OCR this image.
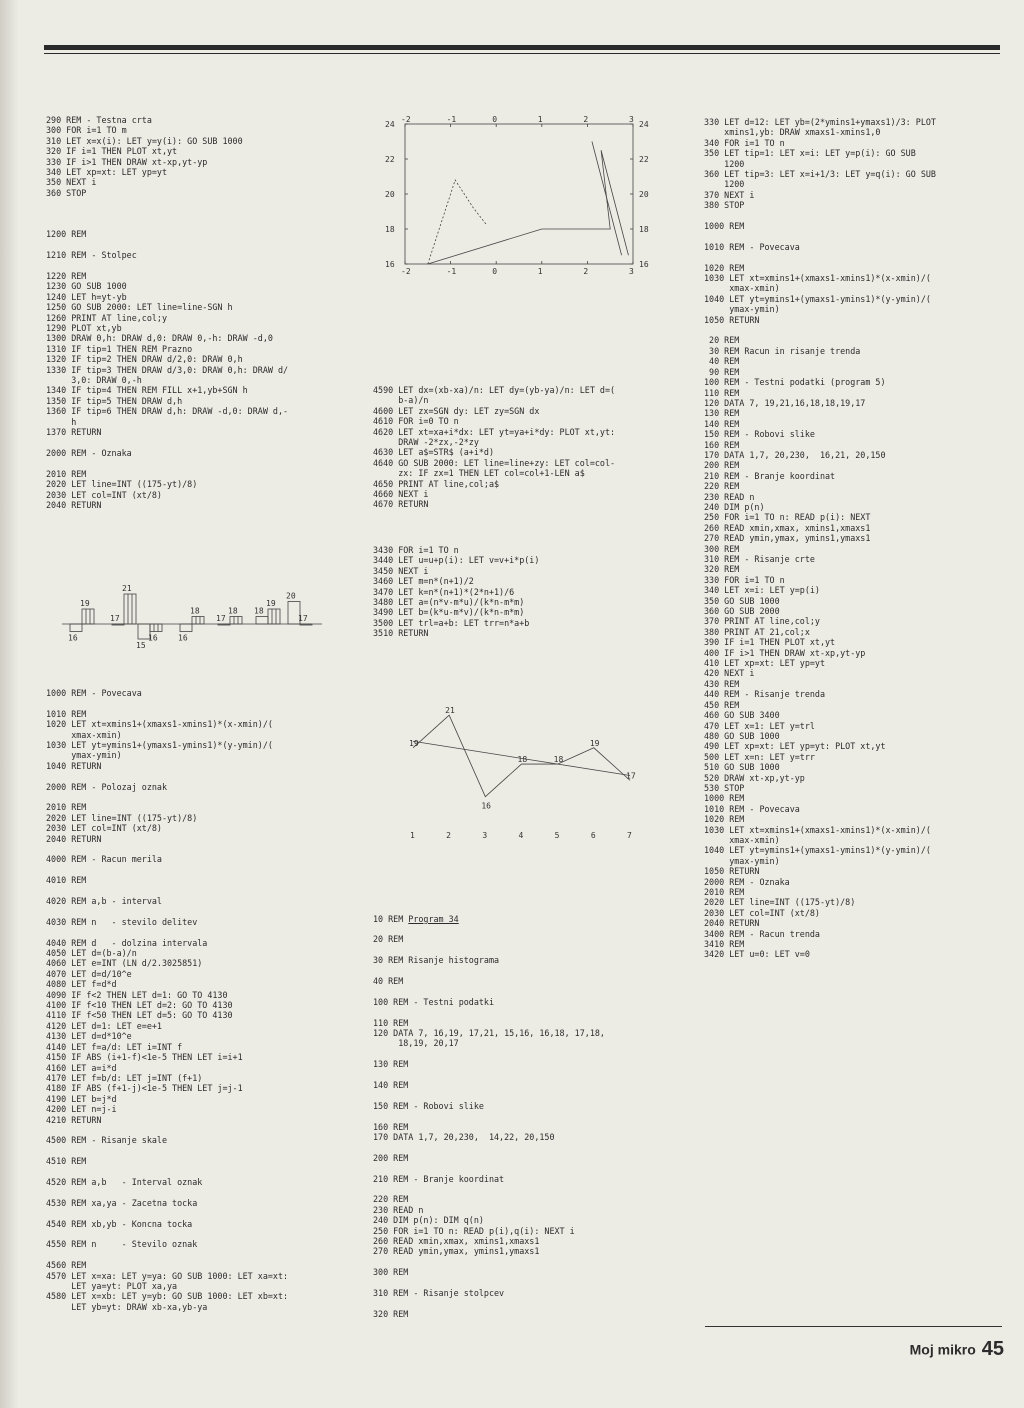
290 REM - Testna crta
300 FOR i=1 TO m
310 LET x=x(i): LET y=y(i): GO SUB 1000
320 IF i=1 THEN PLOT xt,yt
330 IF i>1 THEN DRAW xt-xp,yt-yp
340 LET xp=xt: LET yp=yt
350 NEXT i
360 STOP
1200 REM
1210 REM - Stolpec
1220 REM
1230 GO SUB 1000
1240 LET h=yt-yb
1250 GO SUB 2000: LET line=line-SGN h
1260 PRINT AT line,col;y
1290 PLOT xt,yb
1300 DRAW 0,h: DRAW d,0: DRAW 0,-h: DRAW -d,0
1310 IF tip=1 THEN REM Prazno
1320 IF tip=2 THEN DRAW d/2,0: DRAW 0,h
1330 IF tip=3 THEN DRAW d/3,0: DRAW 0,h: DRAW d/
3,0: DRAW 0,-h
1340 IF tip=4 THEN REM FILL x+1,yb+SGN h
1350 IF tip=5 THEN DRAW d,h
1360 IF tip=6 THEN DRAW d,h: DRAW -d,0: DRAW d,-
h
1370 RETURN
2000 REM - Oznaka
2010 REM
2020 LET line=INT ((175-yt)/8)
2030 LET col=INT (xt/8)
2040 RETURN
16
19
17
21
15
16	16
18
17
18 18
19
20
17
1000 REM - Povecava
1010 REM
1020 LET xt=xmins1+(xmaxs1-xmins1)*(x-xmin)/(
xmax-xmin)
1030 LET yt=ymins1+(ymaxs1-ymins1)*(y-ymin)/(
ymax-ymin)
1040 RETURN
2000 REM - Polozaj oznak
2010 REM
2020 LET line=INT ((175-yt)/8)
2030 LET col=INT (xt/8)
2040 RETURN
4000 REM - Racun merila
4010 REM
4020 REM a,b - interval
4030 REM n   - stevilo delitev
4040 REM d   - dolzina intervala
4050 LET d=(b-a)/n
4060 LET e=INT (LN d/2.3025851)
4070 LET d=d/10^e
4080 LET f=d*d
4090 IF f<2 THEN LET d=1: GO TO 4130
4100 IF f<10 THEN LET d=2: GO TO 4130
4110 IF f<50 THEN LET d=5: GO TO 4130
4120 LET d=1: LET e=e+1
4130 LET d=d*10^e
4140 LET f=a/d: LET i=INT f
4150 IF ABS (i+1-f)<1e-5 THEN LET i=i+1
4160 LET a=i*d
4170 LET f=b/d: LET j=INT (f+1)
4180 IF ABS (f+1-j)<1e-5 THEN LET j=j-1
4190 LET b=j*d
4200 LET n=j-i
4210 RETURN
4500 REM - Risanje skale
4510 REM
4520 REM a,b   - Interval oznak
4530 REM xa,ya - Zacetna tocka
4540 REM xb,yb - Koncna tocka
4550 REM n     - Stevilo oznak
4560 REM
4570 LET x=xa: LET y=ya: GO SUB 1000: LET xa=xt:
LET ya=yt: PLOT xa,ya
4580 LET x=xb: LET y=yb: GO SUB 1000: LET xb=xt:
LET yb=yt: DRAW xb-xa,yb-ya
-2
-2
-1
-1
0
0
1
1
2
2
3
3
16	16
18	18
20	20
22	22
24	24
4590 LET dx=(xb-xa)/n: LET dy=(yb-ya)/n: LET d=(
b-a)/n
4600 LET zx=SGN dy: LET zy=SGN dx
4610 FOR i=0 TO n
4620 LET xt=xa+i*dx: LET yt=ya+i*dy: PLOT xt,yt:
DRAW -2*zx,-2*zy
4630 LET a$=STR$ (a+i*d)
4640 GO SUB 2000: LET line=line+zy: LET col=col-
zx: IF zx=1 THEN LET col=col+1-LEN a$
4650 PRINT AT line,col;a$
4660 NEXT i
4670 RETURN
3430 FOR i=1 TO n
3440 LET u=u+p(i): LET v=v+i*p(i)
3450 NEXT i
3460 LET m=n*(n+1)/2
3470 LET k=n*(n+1)*(2*n+1)/6
3480 LET a=(n*v-m*u)/(k*n-m*m)
3490 LET b=(k*u-m*v)/(k*n-m*m)
3500 LET trl=a+b: LET trr=n*a+b
3510 RETURN
19
21
16
18	18
19
17
1	2	3	4	5	6	7
10 REM Program 34
20 REM
30 REM Risanje histograma
40 REM
100 REM - Testni podatki
110 REM
120 DATA 7, 16,19, 17,21, 15,16, 16,18, 17,18,
18,19, 20,17
130 REM
140 REM
150 REM - Robovi slike
160 REM
170 DATA 1,7, 20,230,  14,22, 20,150
200 REM
210 REM - Branje koordinat
220 REM
230 READ n
240 DIM p(n): DIM q(n)
250 FOR i=1 TO n: READ p(i),q(i): NEXT i
260 READ xmin,xmax, xmins1,xmaxs1
270 READ ymin,ymax, ymins1,ymaxs1
300 REM
310 REM - Risanje stolpcev
320 REM
330 LET d=12: LET yb=(2*ymins1+ymaxs1)/3: PLOT
xmins1,yb: DRAW xmaxs1-xmins1,0
340 FOR i=1 TO n
350 LET tip=1: LET x=i: LET y=p(i): GO SUB
1200
360 LET tip=3: LET x=i+1/3: LET y=q(i): GO SUB
1200
370 NEXT i
380 STOP
1000 REM
1010 REM - Povecava
1020 REM
1030 LET xt=xmins1+(xmaxs1-xmins1)*(x-xmin)/(
xmax-xmin)
1040 LET yt=ymins1+(ymaxs1-ymins1)*(y-ymin)/(
ymax-ymin)
1050 RETURN
20 REM
30 REM Racun in risanje trenda
40 REM
90 REM
100 REM - Testni podatki (program 5)
110 REM
120 DATA 7, 19,21,16,18,18,19,17
130 REM
140 REM
150 REM - Robovi slike
160 REM
170 DATA 1,7, 20,230,  16,21, 20,150
200 REM
210 REM - Branje koordinat
220 REM
230 READ n
240 DIM p(n)
250 FOR i=1 TO n: READ p(i): NEXT
260 READ xmin,xmax, xmins1,xmaxs1
270 READ ymin,ymax, ymins1,ymaxs1
300 REM
310 REM - Risanje crte
320 REM
330 FOR i=1 TO n
340 LET x=i: LET y=p(i)
350 GO SUB 1000
360 GO SUB 2000
370 PRINT AT line,col;y
380 PRINT AT 21,col;x
390 IF i=1 THEN PLOT xt,yt
400 IF i>1 THEN DRAW xt-xp,yt-yp
410 LET xp=xt: LET yp=yt
420 NEXT i
430 REM
440 REM - Risanje trenda
450 REM
460 GO SUB 3400
470 LET x=1: LET y=trl
480 GO SUB 1000
490 LET xp=xt: LET yp=yt: PLOT xt,yt
500 LET x=n: LET y=trr
510 GO SUB 1000
520 DRAW xt-xp,yt-yp
530 STOP
1000 REM
1010 REM - Povecava
1020 REM
1030 LET xt=xmins1+(xmaxs1-xmins1)*(x-xmin)/(
xmax-xmin)
1040 LET yt=ymins1+(ymaxs1-ymins1)*(y-ymin)/(
ymax-ymin)
1050 RETURN
2000 REM - Oznaka
2010 REM
2020 LET line=INT ((175-yt)/8)
2030 LET col=INT (xt/8)
2040 RETURN
3400 REM - Racun trenda
3410 REM
3420 LET u=0: LET v=0
Moj mikro 45
